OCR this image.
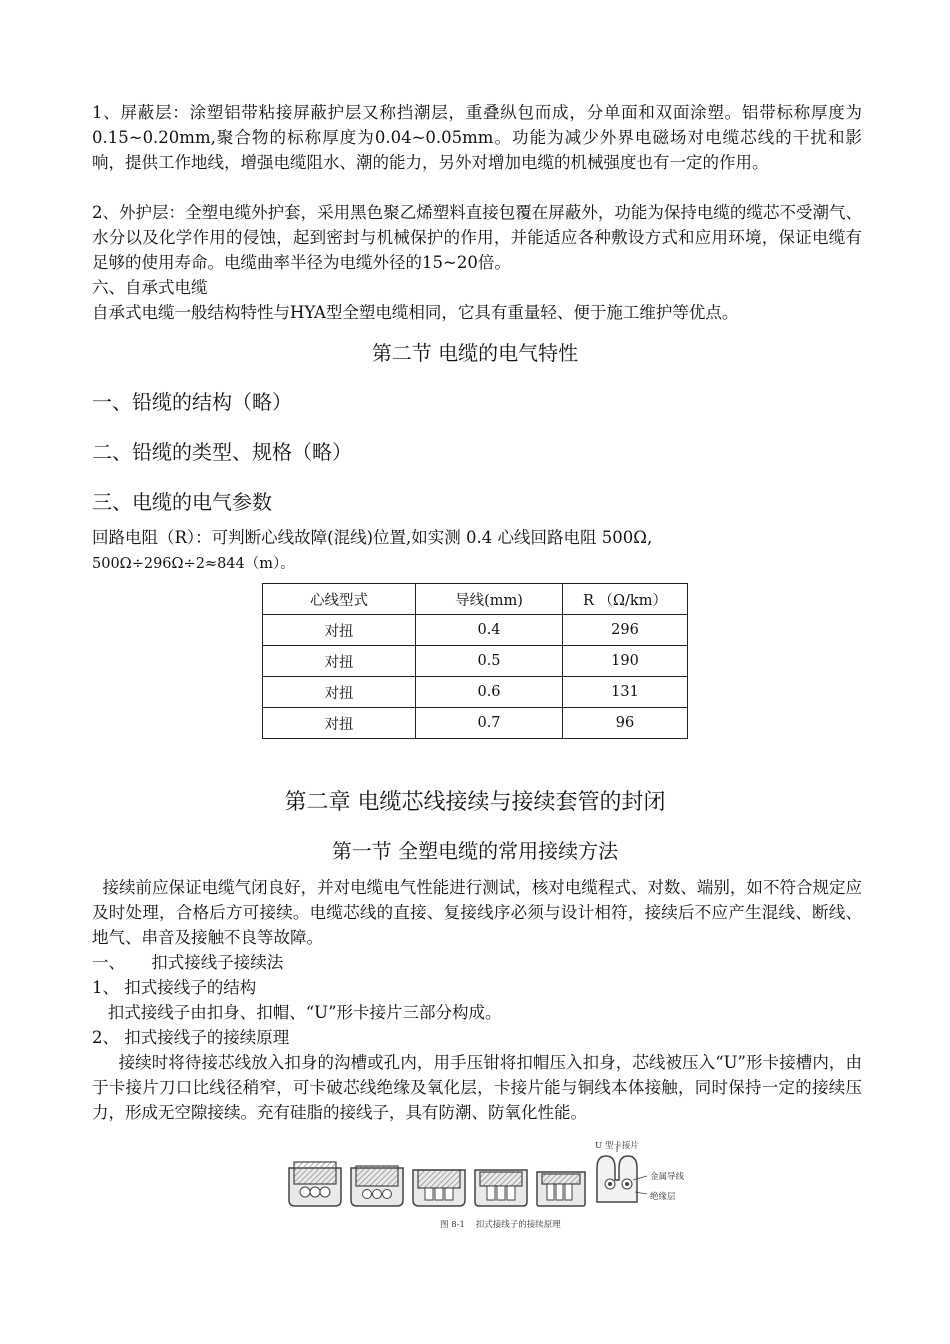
1、屏蔽层：涂塑铝带粘接屏蔽护层又称挡潮层，重叠纵包而成，分单面和双面涂塑。铝带标称厚度为0.15~0.20mm,聚合物的标称厚度为0.04~0.05mm。功能为减少外界电磁场对电缆芯线的干扰和影响，提供工作地线，增强电缆阻水、潮的能力，另外对增加电缆的机械强度也有一定的作用。

2、外护层：全塑电缆外护套，采用黑色聚乙烯塑料直接包覆在屏蔽外，功能为保持电缆的缆芯不受潮气、水分以及化学作用的侵蚀，起到密封与机械保护的作用，并能适应各种敷设方式和应用环境，保证电缆有足够的使用寿命。电缆曲率半径为电缆外径的15~20倍。

六、自承式电缆

自承式电缆一般结构特性与HYA型全塑电缆相同，它具有重量轻、便于施工维护等优点。

第二节 电缆的电气特性

一、铅缆的结构（略）

二、铅缆的类型、规格（略）

三、电缆的电气参数

回路电阻（R）：可判断心线故障(混线)位置,如实测 0.4 心线回路电阻 500Ω,

500Ω÷296Ω÷2≈844（m）。

心线型式	导线(mm)	R （Ω/km）
对扭	0.4	296
对扭	0.5	190
对扭	0.6	131
对扭	0.7	96

第二章 电缆芯线接续与接续套管的封闭

第一节 全塑电缆的常用接续方法

接续前应保证电缆气闭良好，并对电缆电气性能进行测试，核对电缆程式、对数、端别，如不符合规定应及时处理，合格后方可接续。电缆芯线的直接、复接线序必须与设计相符，接续后不应产生混线、断线、地气、串音及接触不良等故障。

一、     扣式接线子接续法

1、 扣式接线子的结构

扣式接线子由扣身、扣帽、“U”形卡接片三部分构成。

2、 扣式接线子的接续原理

接续时将待接芯线放入扣身的沟槽或孔内，用手压钳将扣帽压入扣身，芯线被压入“U”形卡接槽内，由于卡接片刀口比线径稍窄，可卡破芯线绝缘及氧化层，卡接片能与铜线本体接触，同时保持一定的接续压力，形成无空隙接续。充有硅脂的接线子，具有防潮、防氧化性能。

U 型卡接片
金属导线
绝缘层
图 8-1    扣式接线子的接续原理
